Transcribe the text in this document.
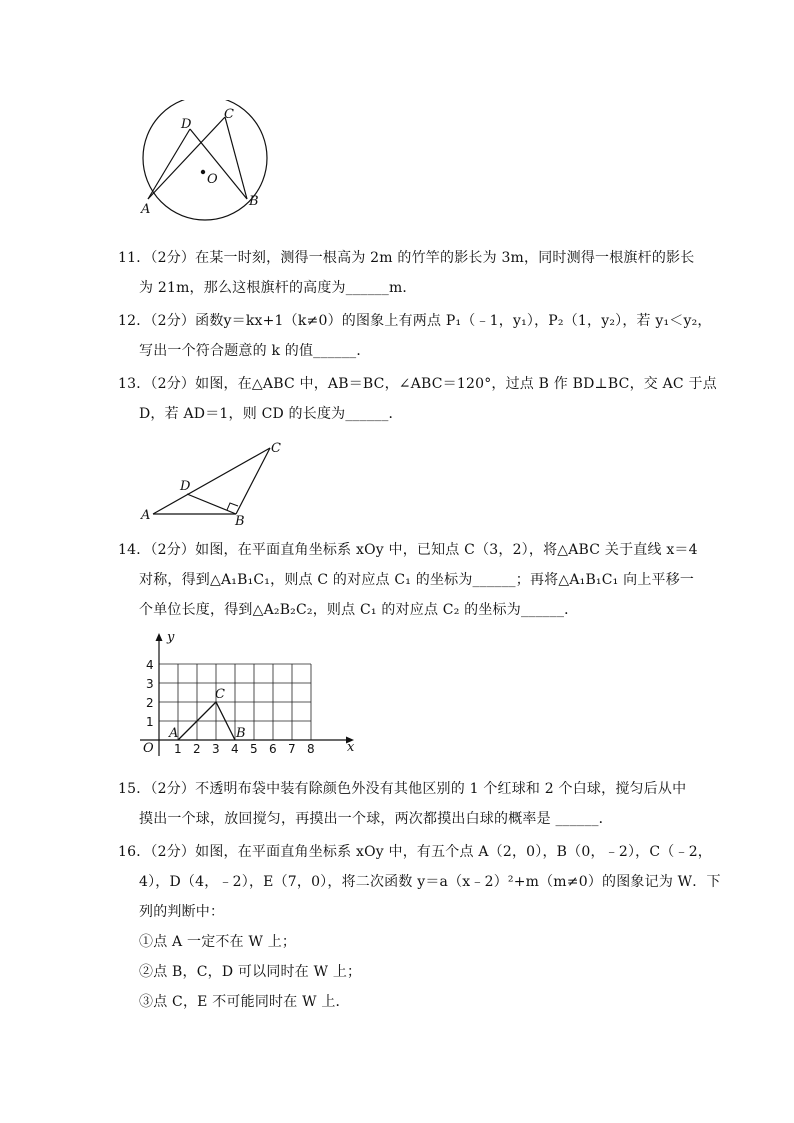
D
C
O
A
B
11．（2分）在某一时刻，测得一根高为 2m 的竹竿的影长为 3m，同时测得一根旗杆的影长
为 21m，那么这根旗杆的高度为______m．
12．（2分）函数y＝kx+1（k≠0）的图象上有两点 P₁（﹣1，y₁），P₂（1，y₂），若 y₁＜y₂，
写出一个符合题意的 k 的值______．
13．（2分）如图，在△ABC 中，AB＝BC，∠ABC＝120°，过点 B 作 BD⊥BC，交 AC 于点
D，若 AD＝1，则 CD 的长度为______．
C
D
A	B
14．（2分）如图，在平面直角坐标系 xOy 中，已知点 C（3，2），将△ABC 关于直线 x＝4
对称，得到△A₁B₁C₁，则点 C 的对应点 C₁ 的坐标为______；再将△A₁B₁C₁ 向上平移一
个单位长度，得到△A₂B₂C₂，则点 C₁ 的对应点 C₂ 的坐标为______．
y
x
O
4
3
2
1
1 2 3 4 5 6 7 8
A	B
C
15．（2分）不透明布袋中装有除颜色外没有其他区别的 1 个红球和 2 个白球，搅匀后从中
摸出一个球，放回搅匀，再摸出一个球，两次都摸出白球的概率是 ______．
16．（2分）如图，在平面直角坐标系 xOy 中，有五个点 A（2，0），B（0，﹣2），C（﹣2，
4），D（4，﹣2），E（7，0），将二次函数 y＝a（x﹣2）²+m（m≠0）的图象记为 W．下
列的判断中：
①点 A 一定不在 W 上；
②点 B，C，D 可以同时在 W 上；
③点 C，E 不可能同时在 W 上．
